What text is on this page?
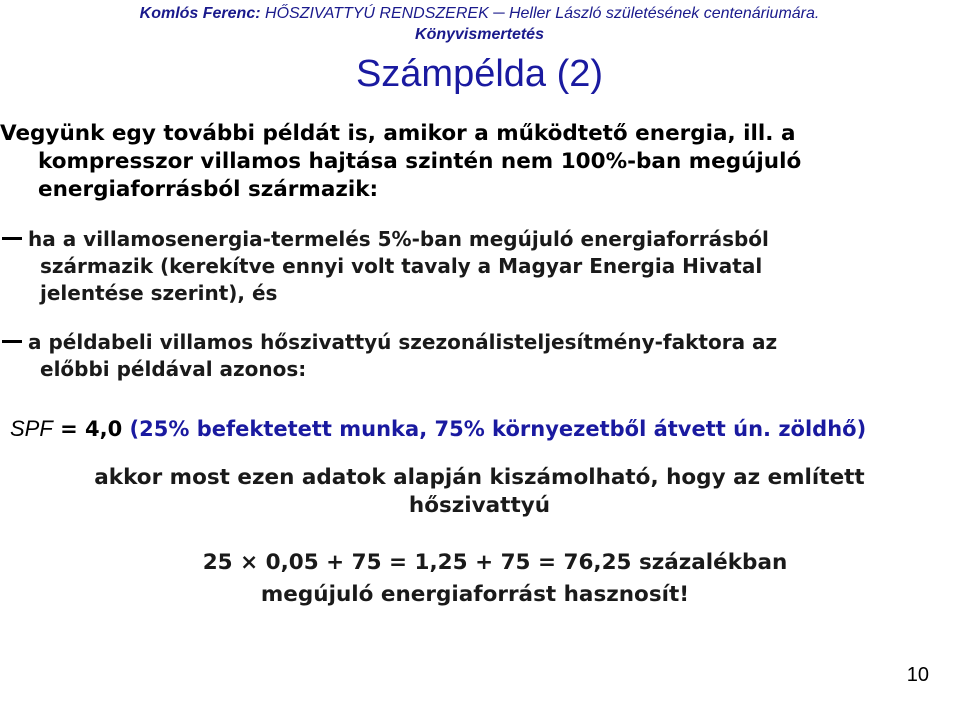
Komlós Ferenc: HŐSZIVATTYÚ RENDSZEREK ─ Heller László születésének centenáriumára.
Könyvismertetés
Számpélda (2)
Vegyünk egy további példát is, amikor a működtető energia, ill. a
kompresszor villamos hajtása szintén nem 100%-ban megújuló
energiaforrásból származik:
ha a villamosenergia-termelés 5%-ban megújuló energiaforrásból
származik (kerekítve ennyi volt tavaly a Magyar Energia Hivatal
jelentése szerint), és
a példabeli villamos hőszivattyú szezonálisteljesítmény-faktora az
előbbi példával azonos:
SPF = 4,0 (25% befektetett munka, 75% környezetből átvett ún. zöldhő)
akkor most ezen adatok alapján kiszámolható, hogy az említett
hőszivattyú
25 × 0,05 + 75 = 1,25 + 75 = 76,25 százalékban
megújuló energiaforrást hasznosít!
10
